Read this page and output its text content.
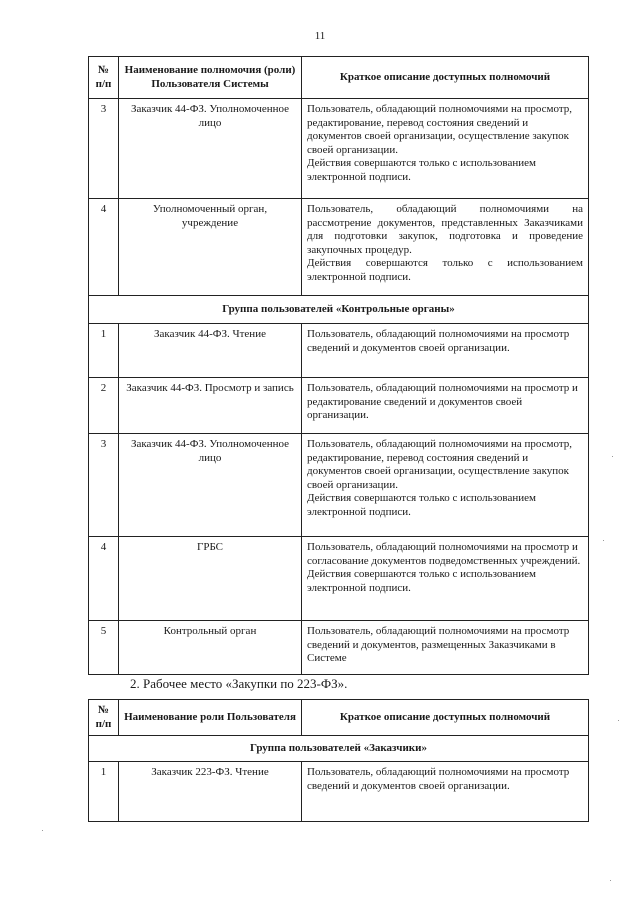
11
№ п/п	Наименование полномочия (роли) Пользователя Системы	Краткое описание доступных полномочий
3	Заказчик 44-ФЗ. Уполномоченное лицо	Пользователь, обладающий полномочиями на просмотр, редактирование, перевод состояния сведений и документов своей организации, осуществление закупок своей организации.
Действия совершаются только с использованием электронной подписи.

4	Уполномоченный орган, учреждение	Пользователь, обладающий полномочиями на рассмотрение документов, представленных Заказчиками для подготовки закупок, подготовка и проведение закупочных процедур.
Действия совершаются только с использованием электронной подписи.

Группа пользователей «Контрольные органы»		
1	Заказчик 44-ФЗ. Чтение	Пользователь, обладающий полномочиями на просмотр сведений и документов своей организации.

2	Заказчик 44-ФЗ. Просмотр и запись	Пользователь, обладающий полномочиями на просмотр и редактирование сведений и документов своей организации.

3	Заказчик 44-ФЗ. Уполномоченное лицо	Пользователь, обладающий полномочиями на просмотр, редактирование, перевод состояния сведений и документов своей организации, осуществление закупок своей организации.
Действия совершаются только с использованием электронной подписи.

4	ГРБС	Пользователь, обладающий полномочиями на просмотр и согласование документов подведомственных учреждений.
Действия совершаются только с использованием электронной подписи.

5	Контрольный орган	Пользователь, обладающий полномочиями на просмотр сведений и документов, размещенных Заказчиками в Системе
2. Рабочее место «Закупки по 223-ФЗ».
№ п/п	Наименование роли Пользователя	Краткое описание доступных полномочий
Группа пользователей «Заказчики»		
1	Заказчик 223-ФЗ. Чтение	Пользователь, обладающий полномочиями на просмотр сведений и документов своей организации.
